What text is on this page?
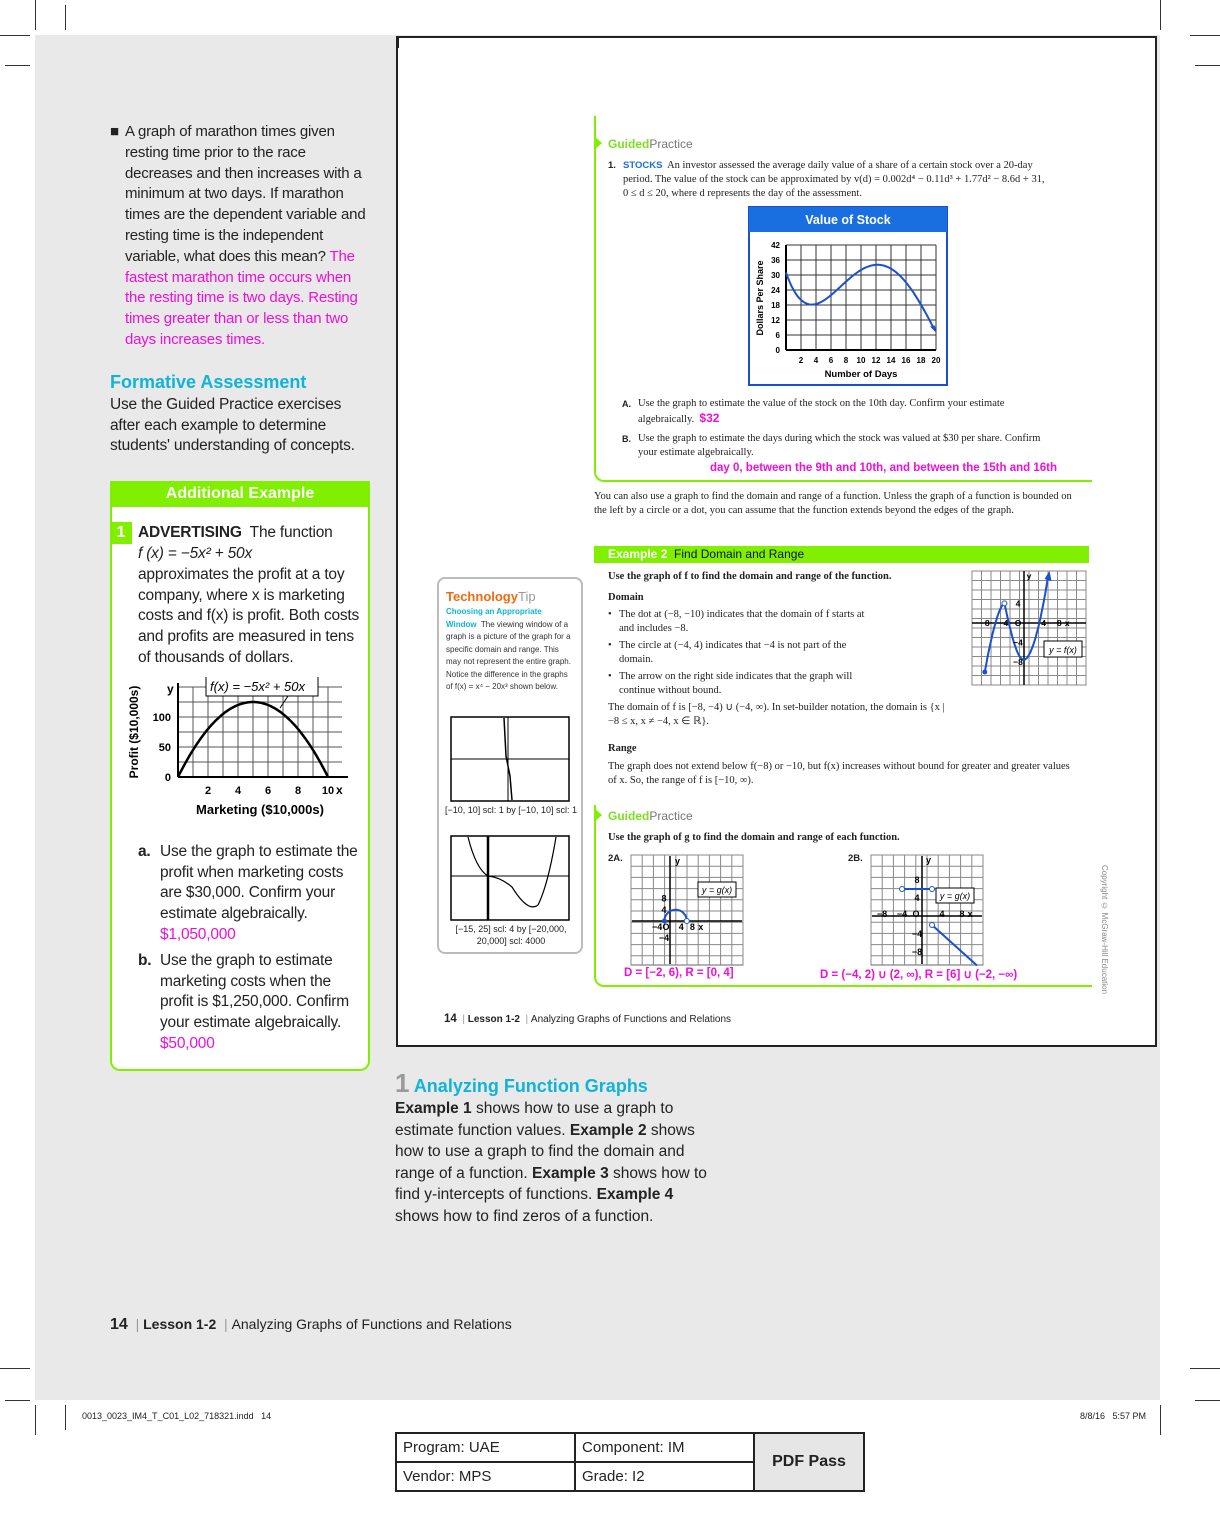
■ A graph of marathon times given resting time prior to the race decreases and then increases with a minimum at two days. If marathon times are the dependent variable and resting time is the independent variable, what does this mean? The fastest marathon time occurs when the resting time is two days. Resting times greater than or less than two days increases times.
Formative Assessment
Use the Guided Practice exercises after each example to determine students' understanding of concepts.
Additional Example
1 ADVERTISING The function
f (x) = −5x² + 50x
approximates the profit at a toy company, where x is marketing costs and f(x) is profit. Both costs and profits are measured in tens of thousands of dollars.
f(x) = −5x² + 50x
y
x
100
50
0
2 4 6 8 10
Marketing ($10,000s)
Profit ($10,000s)
a. Use the graph to estimate the profit when marketing costs are $30,000. Confirm your estimate algebraically.
$1,050,000
b. Use the graph to estimate marketing costs when the profit is $1,250,000. Confirm your estimate algebraically.
$50,000
1 Analyzing Function Graphs
Example 1 shows how to use a graph to estimate function values. Example 2 shows how to use a graph to find the domain and range of a function. Example 3 shows how to find y-intercepts of functions. Example 4 shows how to find zeros of a function.
14  | Lesson 1-2  | Analyzing Graphs of Functions and Relations
GuidedPractice
1. STOCKS An investor assessed the average daily value of a share of a certain stock over a 20-day period. The value of the stock can be approximated by v(d) = 0.002d⁴ − 0.11d³ + 1.77d² − 8.6d + 31, 0 ≤ d ≤ 20, where d represents the day of the assessment.
Value of Stock
42
36
30
24
18
12
6
0
2 4 6 8 10 12 14 16 18 20
Number of Days
Dollars Per Share
A. Use the graph to estimate the value of the stock on the 10th day. Confirm your estimate algebraically. $32
B. Use the graph to estimate the days during which the stock was valued at $30 per share. Confirm your estimate algebraically.
day 0, between the 9th and 10th, and between the 15th and 16th
You can also use a graph to find the domain and range of a function. Unless the graph of a function is bounded on the left by a circle or a dot, you can assume that the function extends beyond the edges of the graph.
Example 2 Find Domain and Range
Use the graph of f to find the domain and range of the function.
Domain
• The dot at (−8, −10) indicates that the domain of f starts at and includes −8.
• The circle at (−4, 4) indicates that −4 is not part of the domain.
• The arrow on the right side indicates that the graph will continue without bound.
The domain of f is [−8, −4) ∪ (−4, ∞). In set-builder notation, the domain is {x | −8 ≤ x, x ≠ −4, x ∈ ℝ}.
Range
The graph does not extend below f(−8) or −10, but f(x) increases without bound for greater and greater values of x. So, the range of f is [−10, ∞).
−8 −4 O 4 8 x
4
−4
−8
y
y = f(x)
GuidedPractice
Use the graph of g to find the domain and range of each function.
2A.	2B.
−4 O 4 8 x
8
4
−4
y
y = g(x)
−8 −4 O 4 8 x
8
4
−4
−8
y
y = g(x)
D = [−2, 6), R = [0, 4]	D = (−4, 2) ∪ (2, ∞), R = [6] ∪ (−2, −∞)
TechnologyTip
Choosing an Appropriate Window The viewing window of a graph is a picture of the graph for a specific domain and range. This may not represent the entire graph. Notice the difference in the graphs of f(x) = x⁴ − 20x³ shown below.
[−10, 10] scl: 1 by [−10, 10] scl: 1
[−15, 25] scl: 4 by [−20,000, 20,000] scl: 4000	Copyright © McGraw-Hill Education
14  | Lesson 1-2  | Analyzing Graphs of Functions and Relations
0013_0023_IM4_T_C01_L02_718321.indd   14	8/8/16   5:57 PM
Program: UAE	Component: IM	PDF Pass
Vendor: MPS	Grade: I2	
